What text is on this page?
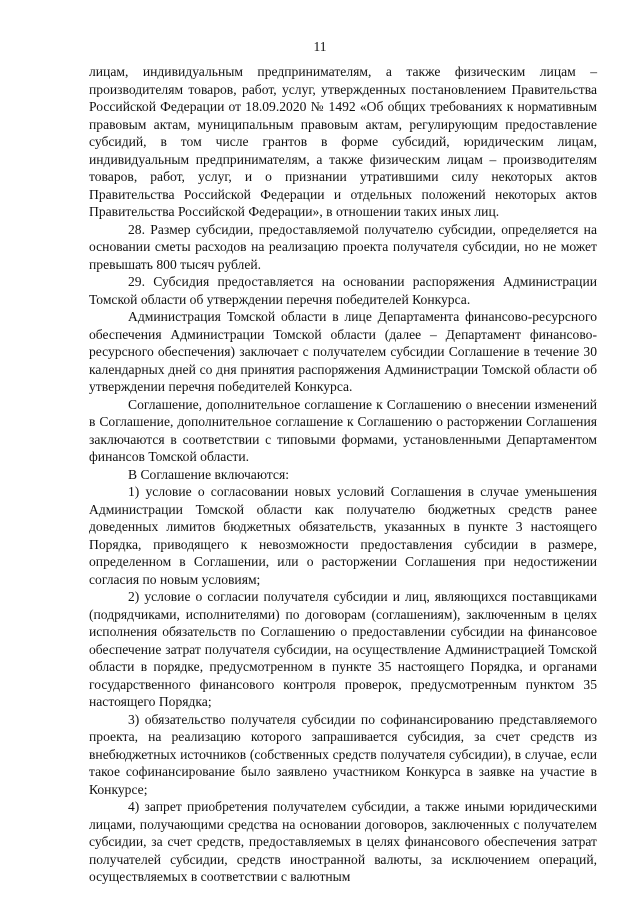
11

лицам, индивидуальным предпринимателям, а также физическим лицам – производителям товаров, работ, услуг, утвержденных постановлением Правительства Российской Федерации от 18.09.2020 № 1492 «Об общих требованиях к нормативным правовым актам, муниципальным правовым актам, регулирующим предоставление субсидий, в том числе грантов в форме субсидий, юридическим лицам, индивидуальным предпринимателям, а также физическим лицам – производителям товаров, работ, услуг, и о признании утратившими силу некоторых актов Правительства Российской Федерации и отдельных положений некоторых актов Правительства Российской Федерации», в отношении таких иных лиц.

28. Размер субсидии, предоставляемой получателю субсидии, определяется на основании сметы расходов на реализацию проекта получателя субсидии, но не может превышать 800 тысяч рублей.

29. Субсидия предоставляется на основании распоряжения Администрации Томской области об утверждении перечня победителей Конкурса.

Администрация Томской области в лице Департамента финансово-ресурсного обеспечения Администрации Томской области (далее – Департамент финансово-ресурсного обеспечения) заключает с получателем субсидии Соглашение в течение 30 календарных дней со дня принятия распоряжения Администрации Томской области об утверждении перечня победителей Конкурса.

Соглашение, дополнительное соглашение к Соглашению о внесении изменений в Соглашение, дополнительное соглашение к Соглашению о расторжении Соглашения заключаются в соответствии с типовыми формами, установленными Департаментом финансов Томской области.

В Соглашение включаются:

1) условие о согласовании новых условий Соглашения в случае уменьшения Администрации Томской области как получателю бюджетных средств ранее доведенных лимитов бюджетных обязательств, указанных в пункте 3 настоящего Порядка, приводящего к невозможности предоставления субсидии в размере, определенном в Соглашении, или о расторжении Соглашения при недостижении согласия по новым условиям;

2) условие о согласии получателя субсидии и лиц, являющихся поставщиками (подрядчиками, исполнителями) по договорам (соглашениям), заключенным в целях исполнения обязательств по Соглашению о предоставлении субсидии на финансовое обеспечение затрат получателя субсидии, на осуществление Администрацией Томской области в порядке, предусмотренном в пункте 35 настоящего Порядка, и органами государственного финансового контроля проверок, предусмотренным пунктом 35 настоящего Порядка;

3) обязательство получателя субсидии по софинансированию представляемого проекта, на реализацию которого запрашивается субсидия, за счет средств из внебюджетных источников (собственных средств получателя субсидии), в случае, если такое софинансирование было заявлено участником Конкурса в заявке на участие в Конкурсе;

4) запрет приобретения получателем субсидии, а также иными юридическими лицами, получающими средства на основании договоров, заключенных с получателем субсидии, за счет средств, предоставляемых в целях финансового обеспечения затрат получателей субсидии, средств иностранной валюты, за исключением операций, осуществляемых в соответствии с валютным
